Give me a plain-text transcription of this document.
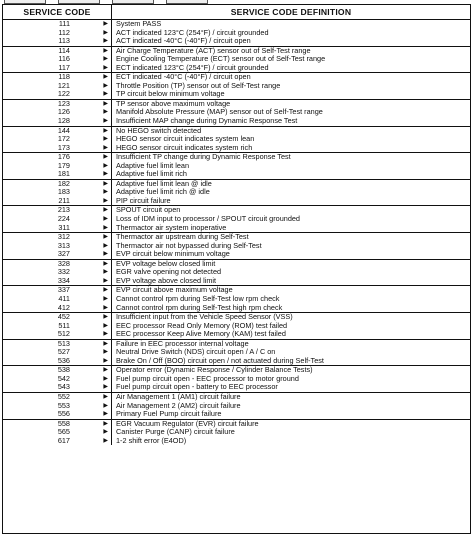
SERVICE CODE	SERVICE CODE DEFINITION
111	▶	System PASS
112	▶	ACT indicated 123°C (254°F) / circuit grounded
113	▶	ACT indicated -40°C (-40°F) / circuit open
114	▶	Air Charge Temperature (ACT) sensor out of Self-Test range
116	▶	Engine Cooling Temperature (ECT) sensor out of Self-Test range
117	▶	ECT indicated 123°C (254°F) / circuit grounded
118	▶	ECT indicated -40°C (-40°F) / circuit open
121	▶	Throttle Position (TP) sensor out of Self-Test range
122	▶	TP circuit below minimum voltage
123	▶	TP sensor above maximum voltage
126	▶	Manifold Absolute Pressure (MAP) sensor out of Self-Test range
128	▶	Insufficient MAP change during Dynamic Response Test
144	▶	No HEGO switch detected
172	▶	HEGO sensor circuit indicates system lean
173	▶	HEGO sensor circuit indicates system rich
176	▶	Insufficient TP change during Dynamic Response Test
179	▶	Adaptive fuel limit lean
181	▶	Adaptive fuel limit rich
182	▶	Adaptive fuel limit lean @ idle
183	▶	Adaptive fuel limit rich @ idle
211	▶	PIP circuit failure
213	▶	SPOUT circuit open
224	▶	Loss of IDM input to processor / SPOUT circuit grounded
311	▶	Thermactor air system inoperative
312	▶	Thermactor air upstream during Self-Test
313	▶	Thermactor air not bypassed during Self-Test
327	▶	EVP circuit below minimum voltage
328	▶	EVP voltage below closed limit
332	▶	EGR valve opening not detected
334	▶	EVP voltage above closed limit
337	▶	EVP circuit above maximum voltage
411	▶	Cannot control rpm during Self-Test low rpm check
412	▶	Cannot control rpm during Self-Test high rpm check
452	▶	Insufficient input from the Vehicle Speed Sensor (VSS)
511	▶	EEC processor Read Only Memory (ROM) test failed
512	▶	EEC processor Keep Alive Memory (KAM) test failed
513	▶	Failure in EEC processor internal voltage
527	▶	Neutral Drive Switch (NDS) circuit open / A / C on
536	▶	Brake On / Off (BOO) circuit open / not actuated during Self-Test
538	▶	Operator error (Dynamic Response / Cylinder Balance Tests)
542	▶	Fuel pump circuit open - EEC processor to motor ground
543	▶	Fuel pump circuit open - battery to EEC processor
552	▶	Air Management 1 (AM1) circuit failure
553	▶	Air Management 2 (AM2) circuit failure
556	▶	Primary Fuel Pump circuit failure
558	▶	EGR Vacuum Regulator (EVR) circuit failure
565	▶	Canister Purge (CANP) circuit failure
617	▶	1-2 shift error (E4OD)
